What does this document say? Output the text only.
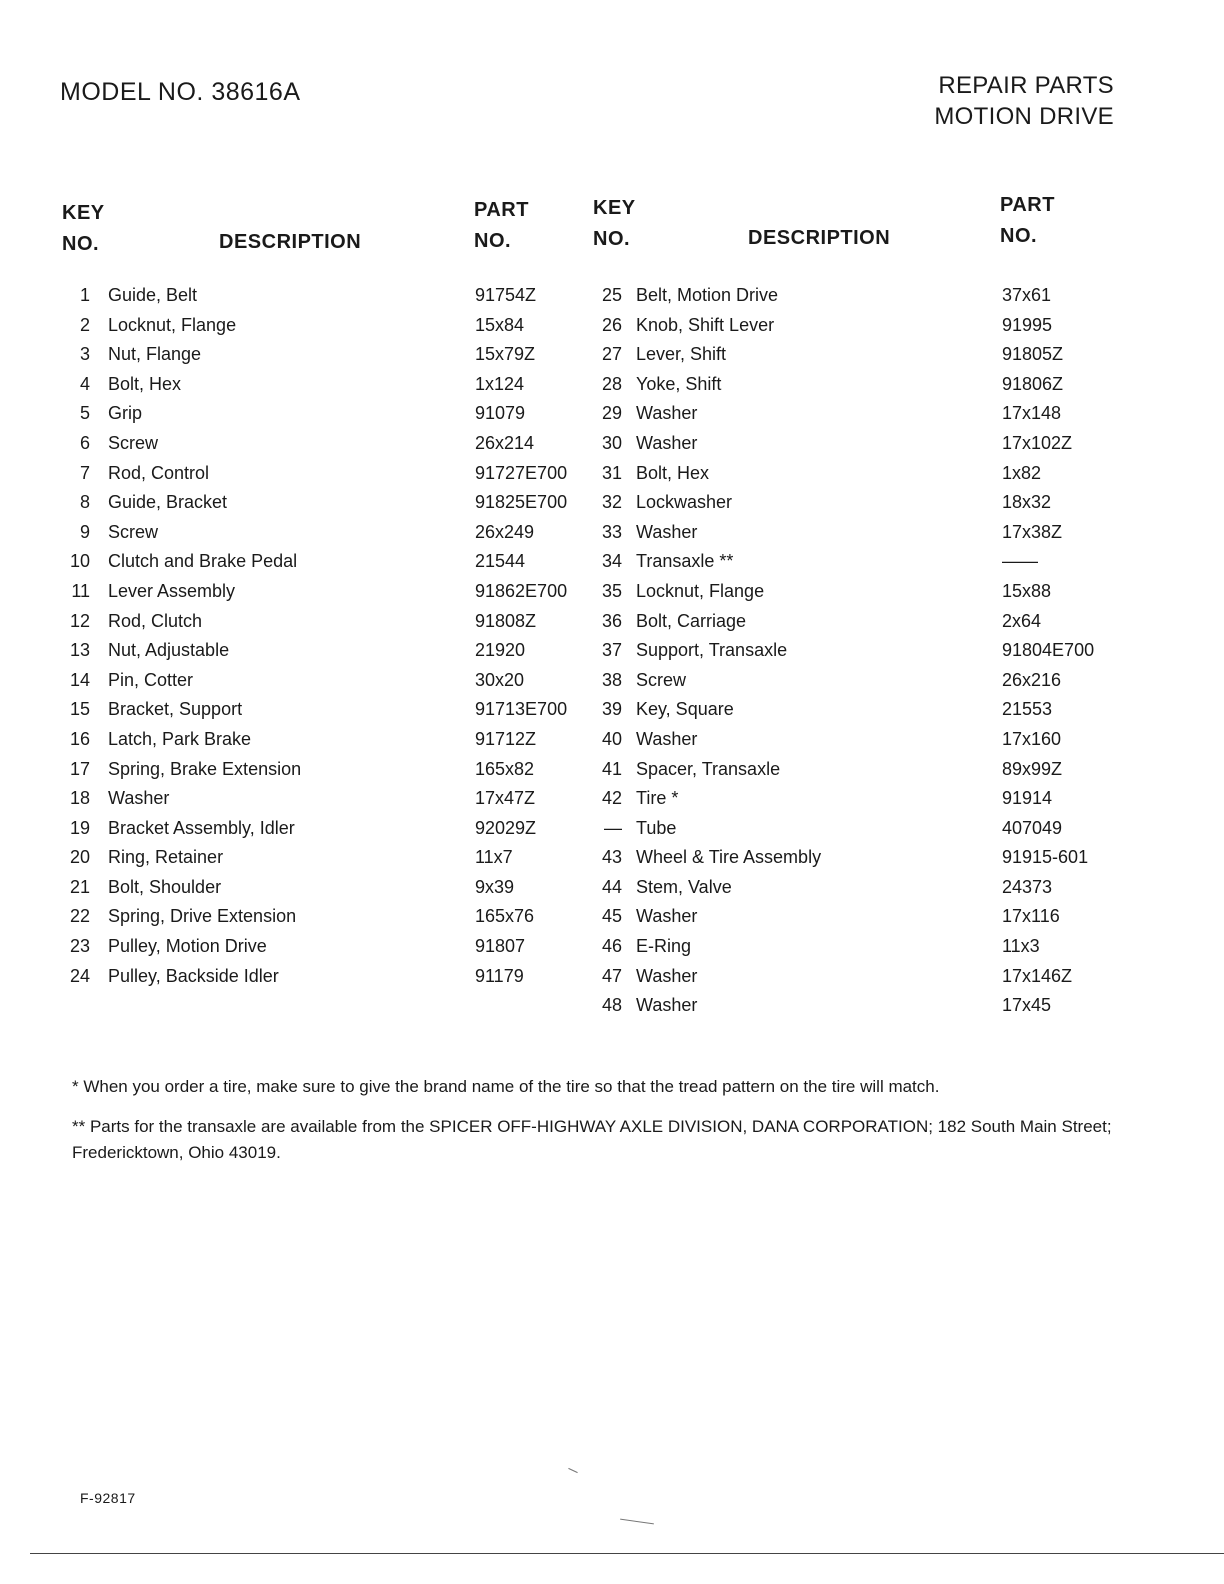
MODEL NO. 38616A	REPAIR PARTS
MOTION DRIVE
KEY
NO.	DESCRIPTION
PART
NO.
KEY
NO.	DESCRIPTION
PART
NO.
1 Guide, Belt	91754Z
2 Locknut, Flange	15x84
3 Nut, Flange	15x79Z
4 Bolt, Hex	1x124
5 Grip	91079
6 Screw	26x214
7 Rod, Control	91727E700
8 Guide, Bracket	91825E700
9 Screw	26x249
10 Clutch and Brake Pedal	21544
11 Lever Assembly	91862E700
12 Rod, Clutch	91808Z
13 Nut, Adjustable	21920
14 Pin, Cotter	30x20
15 Bracket, Support	91713E700
16 Latch, Park Brake	91712Z
17 Spring, Brake Extension	165x82
18 Washer	17x47Z
19 Bracket Assembly, Idler	92029Z
20 Ring, Retainer	11x7
21 Bolt, Shoulder	9x39
22 Spring, Drive Extension	165x76
23 Pulley, Motion Drive	91807
24 Pulley, Backside Idler	91179
25 Belt, Motion Drive	37x61
26 Knob, Shift Lever	91995
27 Lever, Shift	91805Z
28 Yoke, Shift	91806Z
29 Washer	17x148
30 Washer	17x102Z
31 Bolt, Hex	1x82
32 Lockwasher	18x32
33 Washer	17x38Z
34 Transaxle **	——
35 Locknut, Flange	15x88
36 Bolt, Carriage	2x64
37 Support, Transaxle	91804E700
38 Screw	26x216
39 Key, Square	21553
40 Washer	17x160
41 Spacer, Transaxle	89x99Z
42 Tire *	91914
— Tube	407049
43 Wheel & Tire Assembly	91915-601
44 Stem, Valve	24373
45 Washer	17x116
46 E-Ring	11x3
47 Washer	17x146Z
48 Washer	17x45
* When you order a tire, make sure to give the brand name of the tire so that the tread pattern on the tire will match.
** Parts for the transaxle are available from the SPICER OFF-HIGHWAY AXLE DIVISION, DANA CORPORATION; 182 South Main Street; Fredericktown, Ohio 43019.
F-92817
